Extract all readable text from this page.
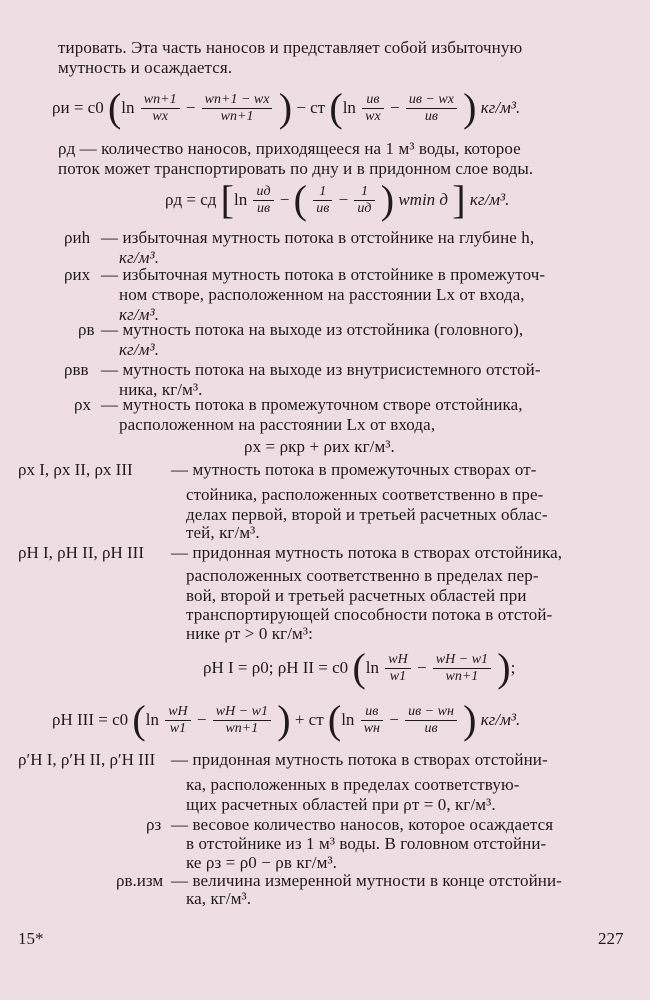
тировать. Эта часть наносов и представляет собой избыточную
мутность и осаждается.
ρи = c0 ($\ln \frac{wn+1}{wx} - \frac{wn+1 - wx}{wn+1}$ ) − cт (ln uв
wx − uв − wx
uв ) кг/м³.
ρд — количество наносов, приходящееся на 1 м³ воды, которое
поток может транспортировать по дну и в придонном слое воды.
ρд = cд [ln uд
uв − ( 1
uв − 1
uд ) wmin д ] кг/м³.
ρиh — избыточная мутность потока в отстойнике на глубине h,
кг/м³.
ρиx — избыточная мутность потока в отстойнике в промежуточ-
ном створе, расположенном на расстоянии Lx от входа,
кг/м³.
ρв — мутность потока на выходе из отстойника (головного),
кг/м³.
ρвв — мутность потока на выходе из внутрисистемного отстой-
ника, кг/м³.
ρx — мутность потока в промежуточном створе отстойника,
расположенном на расстоянии Lx от входа,
ρx = ρкр + ρиx кг/м³.
ρx I, ρx II, ρx III — мутность потока в промежуточных створах от-
стойника, расположенных соответственно в пре-
делах первой, второй и третьей расчетных облас-
тей, кг/м³.
ρH I, ρH II, ρH III — придонная мутность потока в створах отстойника,
расположенных соответственно в пределах пер-
вой, второй и третьей расчетных областей при
транспортирующей способности потока в отстой-
нике ρт > 0 кг/м³:
ρH I = ρ0; ρH II = c0 ($\ln \frac{wH}{w1} - \frac{wH - w1}{wn+1}$ );
ρH III = c0 ($\ln \frac{wH}{w1} - \frac{wH - w1}{wn+1}$ ) + cт (ln uв
wн − uв − wн
uв ) кг/м³.
ρ′H I, ρ′H II, ρ′H III — придонная мутность потока в створах отстойни-
ка, расположенных в пределах соответствую-
щих расчетных областей при ρт = 0, кг/м³.
ρз — весовое количество наносов, которое осаждается
в отстойнике из 1 м³ воды. В головном отстойни-
ке ρз = ρ0 − ρв кг/м³.
ρв.изм — величина измеренной мутности в конце отстойни-
ка, кг/м³.
15*	227
